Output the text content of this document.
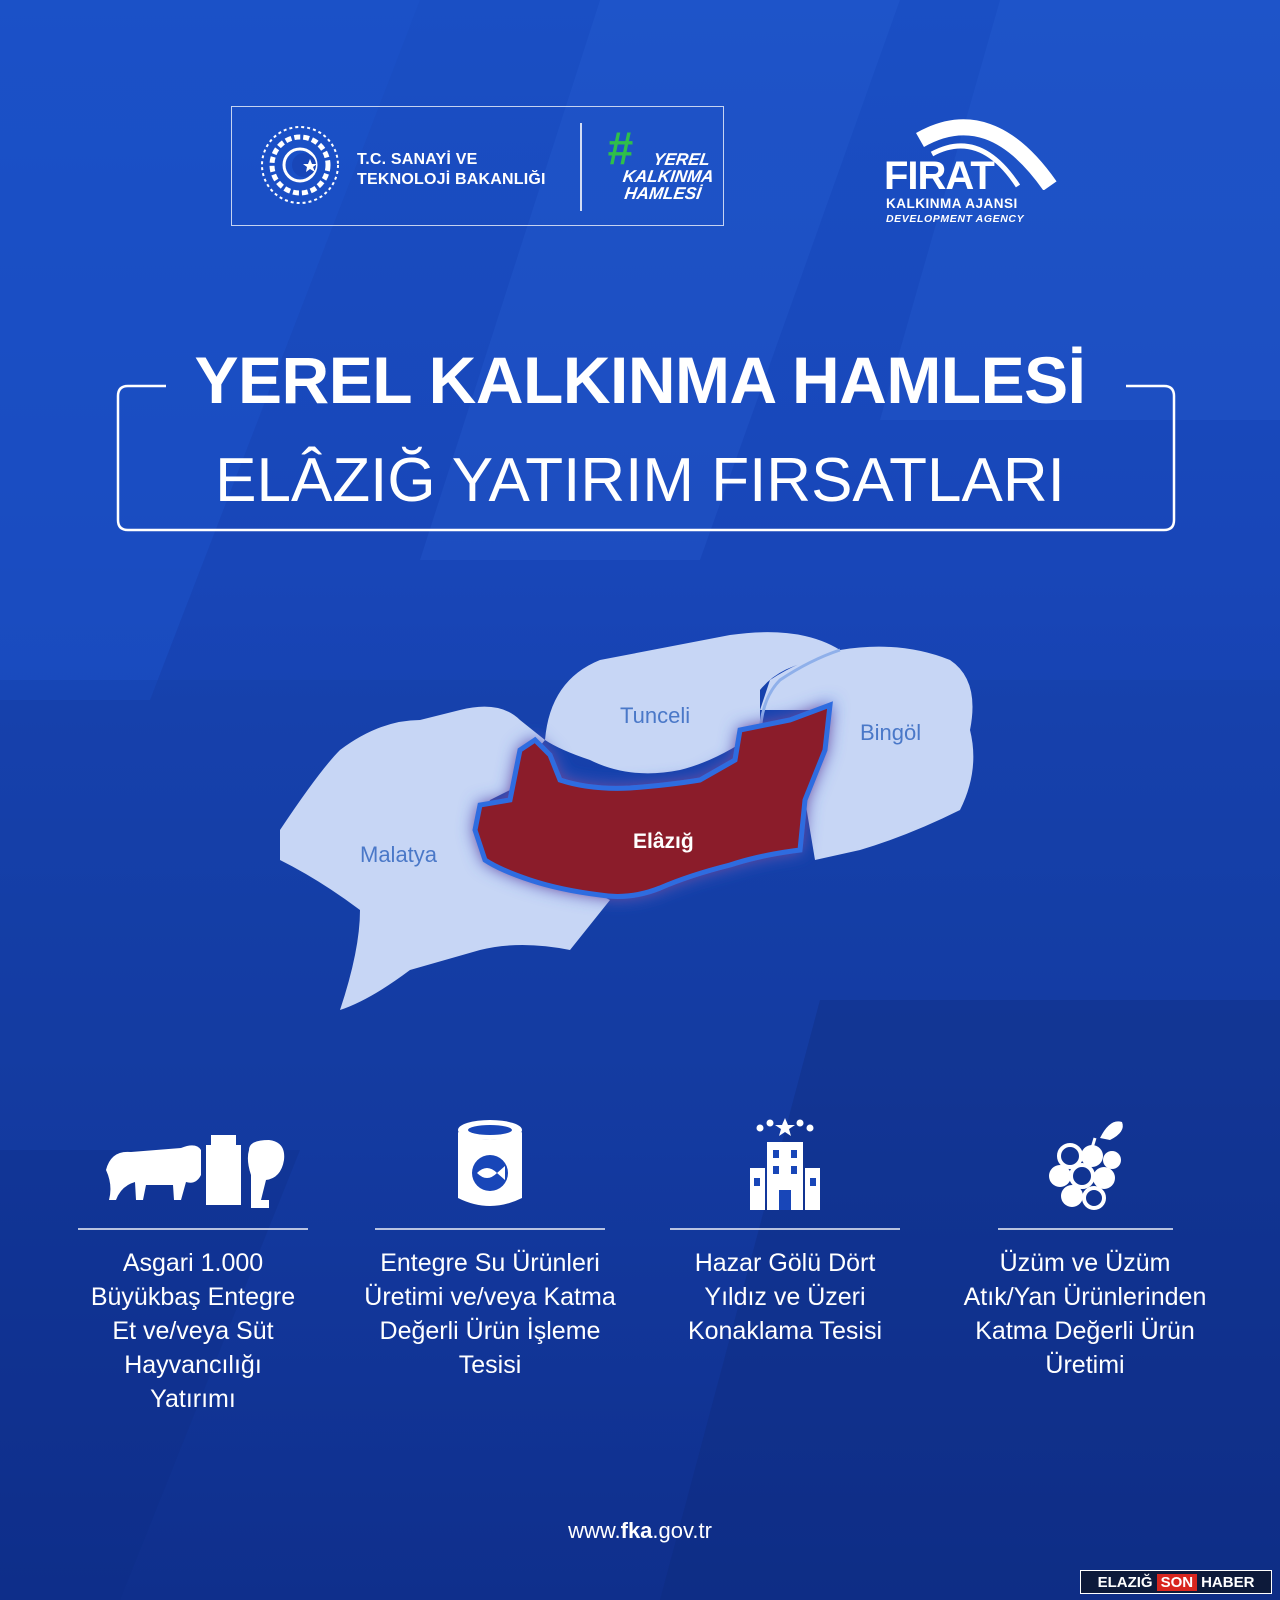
T.C. SANAYİ VE
TEKNOLOJİ BAKANLIĞI
#	YEREL
KALKINMA
HAMLESİ	FIRAT
KALKINMA AJANSI
DEVELOPMENT AGENCY
YEREL KALKINMA HAMLESİ
ELÂZIĞ YATIRIM FIRSATLARI
Tunceli
Bingöl
Malatya
Elâzığ
Asgari 1.000
Büyükbaş Entegre
Et ve/veya Süt
Hayvancılığı
Yatırımı
Entegre Su Ürünleri
Üretimi ve/veya Katma
Değerli Ürün İşleme
Tesisi
Hazar Gölü Dört
Yıldız ve Üzeri
Konaklama Tesisi
Üzüm ve Üzüm
Atık/Yan Ürünlerinden
Katma Değerli Ürün
Üretimi
www.fka.gov.tr
ELAZIĞ SON HABER
